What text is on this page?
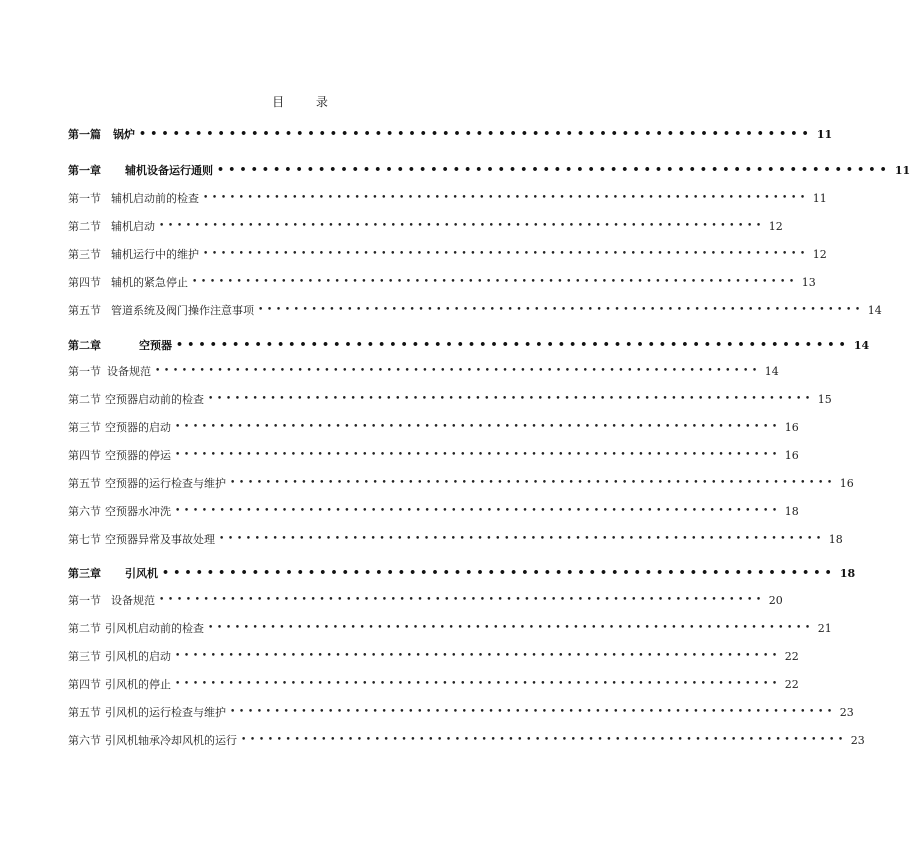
目 录
第一篇 锅炉 •••••••••••••••••••••••••••••••••••••••••••••••••••••••••••• 11
第一章 辅机设备运行通则 •••••••••••••••••••••••••••••••••••••••••••••••••••••••••••• 11
第一节 辅机启动前的检查 •••••••••••••••••••••••••••••••••••••••••••••••••••••••••••••••••••• 11
第二节 辅机启动 •••••••••••••••••••••••••••••••••••••••••••••••••••••••••••••••••••• 12
第三节 辅机运行中的维护 •••••••••••••••••••••••••••••••••••••••••••••••••••••••••••••••••••• 12
第四节 辅机的紧急停止 •••••••••••••••••••••••••••••••••••••••••••••••••••••••••••••••••••• 13
第五节 管道系统及阀门操作注意事项 •••••••••••••••••••••••••••••••••••••••••••••••••••••••••••••••••••• 14
第二章	空预器 •••••••••••••••••••••••••••••••••••••••••••••••••••••••••••• 14
第一节 设备规范 •••••••••••••••••••••••••••••••••••••••••••••••••••••••••••••••••••• 14
第二节 空预器启动前的检查 •••••••••••••••••••••••••••••••••••••••••••••••••••••••••••••••••••• 15
第三节 空预器的启动 •••••••••••••••••••••••••••••••••••••••••••••••••••••••••••••••••••• 16
第四节 空预器的停运 •••••••••••••••••••••••••••••••••••••••••••••••••••••••••••••••••••• 16
第五节 空预器的运行检查与维护 •••••••••••••••••••••••••••••••••••••••••••••••••••••••••••••••••••• 16
第六节 空预器水冲洗 •••••••••••••••••••••••••••••••••••••••••••••••••••••••••••••••••••• 18
第七节 空预器异常及事故处理 •••••••••••••••••••••••••••••••••••••••••••••••••••••••••••••••••••• 18
第三章 引风机 •••••••••••••••••••••••••••••••••••••••••••••••••••••••••••• 18
第一节 设备规范 •••••••••••••••••••••••••••••••••••••••••••••••••••••••••••••••••••• 20
第二节 引风机启动前的检查 •••••••••••••••••••••••••••••••••••••••••••••••••••••••••••••••••••• 21
第三节 引风机的启动 •••••••••••••••••••••••••••••••••••••••••••••••••••••••••••••••••••• 22
第四节 引风机的停止 •••••••••••••••••••••••••••••••••••••••••••••••••••••••••••••••••••• 22
第五节 引风机的运行检查与维护 •••••••••••••••••••••••••••••••••••••••••••••••••••••••••••••••••••• 23
第六节 引风机轴承冷却风机的运行 •••••••••••••••••••••••••••••••••••••••••••••••••••••••••••••••••••• 23
